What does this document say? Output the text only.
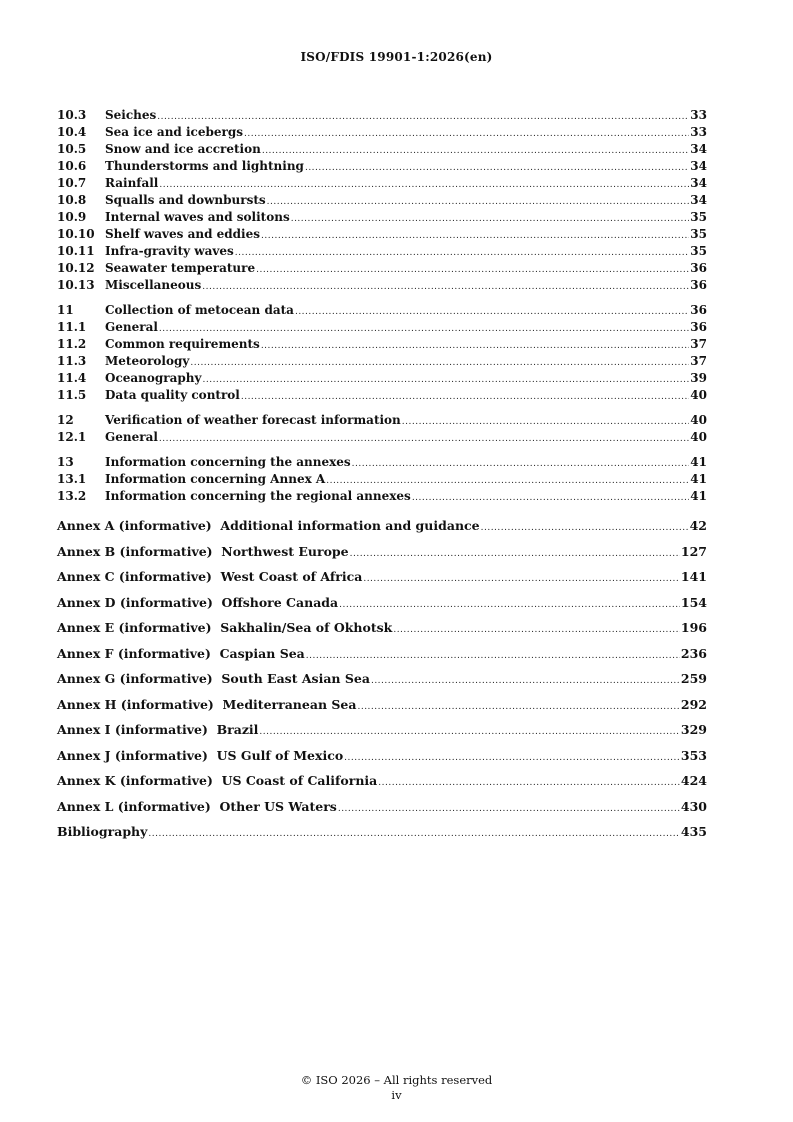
ISO/FDIS 19901-1:2026(en)
10.3	Seiches .....	33
10.4	Sea ice and icebergs .....	33
10.5	Snow and ice accretion .....	34
10.6	Thunderstorms and lightning .....	34
10.7	Rainfall .....	34
10.8	Squalls and downbursts .....	34
10.9	Internal waves and solitons .....	35
10.10 Shelf waves and eddies .....	35
10.11 Infra-gravity waves .....	35
10.12 Seawater temperature .....	36
10.13 Miscellaneous .....	36
11	Collection of metocean data .....	36
11.1	General .....	36
11.2	Common requirements .....	37
11.3	Meteorology .....	37
11.4	Oceanography .....	39
11.5	Data quality control .....	40
12	Verification of weather forecast information .....	40
12.1	General .....	40
13	Information concerning the annexes .....	41
13.1	Information concerning Annex A .....	41
13.2	Information concerning the regional annexes .....	41
Annex A (informative)  Additional information and guidance .....	42
Annex B (informative)  Northwest Europe .....	127
Annex C (informative)  West Coast of Africa .....	141
Annex D (informative)  Offshore Canada .....	154
Annex E (informative)  Sakhalin/Sea of Okhotsk .....	196
Annex F (informative)  Caspian Sea .....	236
Annex G (informative)  South East Asian Sea .....	259
Annex H (informative)  Mediterranean Sea .....	292
Annex I (informative)  Brazil .....	329
Annex J (informative)  US Gulf of Mexico .....	353
Annex K (informative)  US Coast of California .....	424
Annex L (informative)  Other US Waters .....	430
Bibliography .....	435
© ISO 2026 – All rights reserved
iv
